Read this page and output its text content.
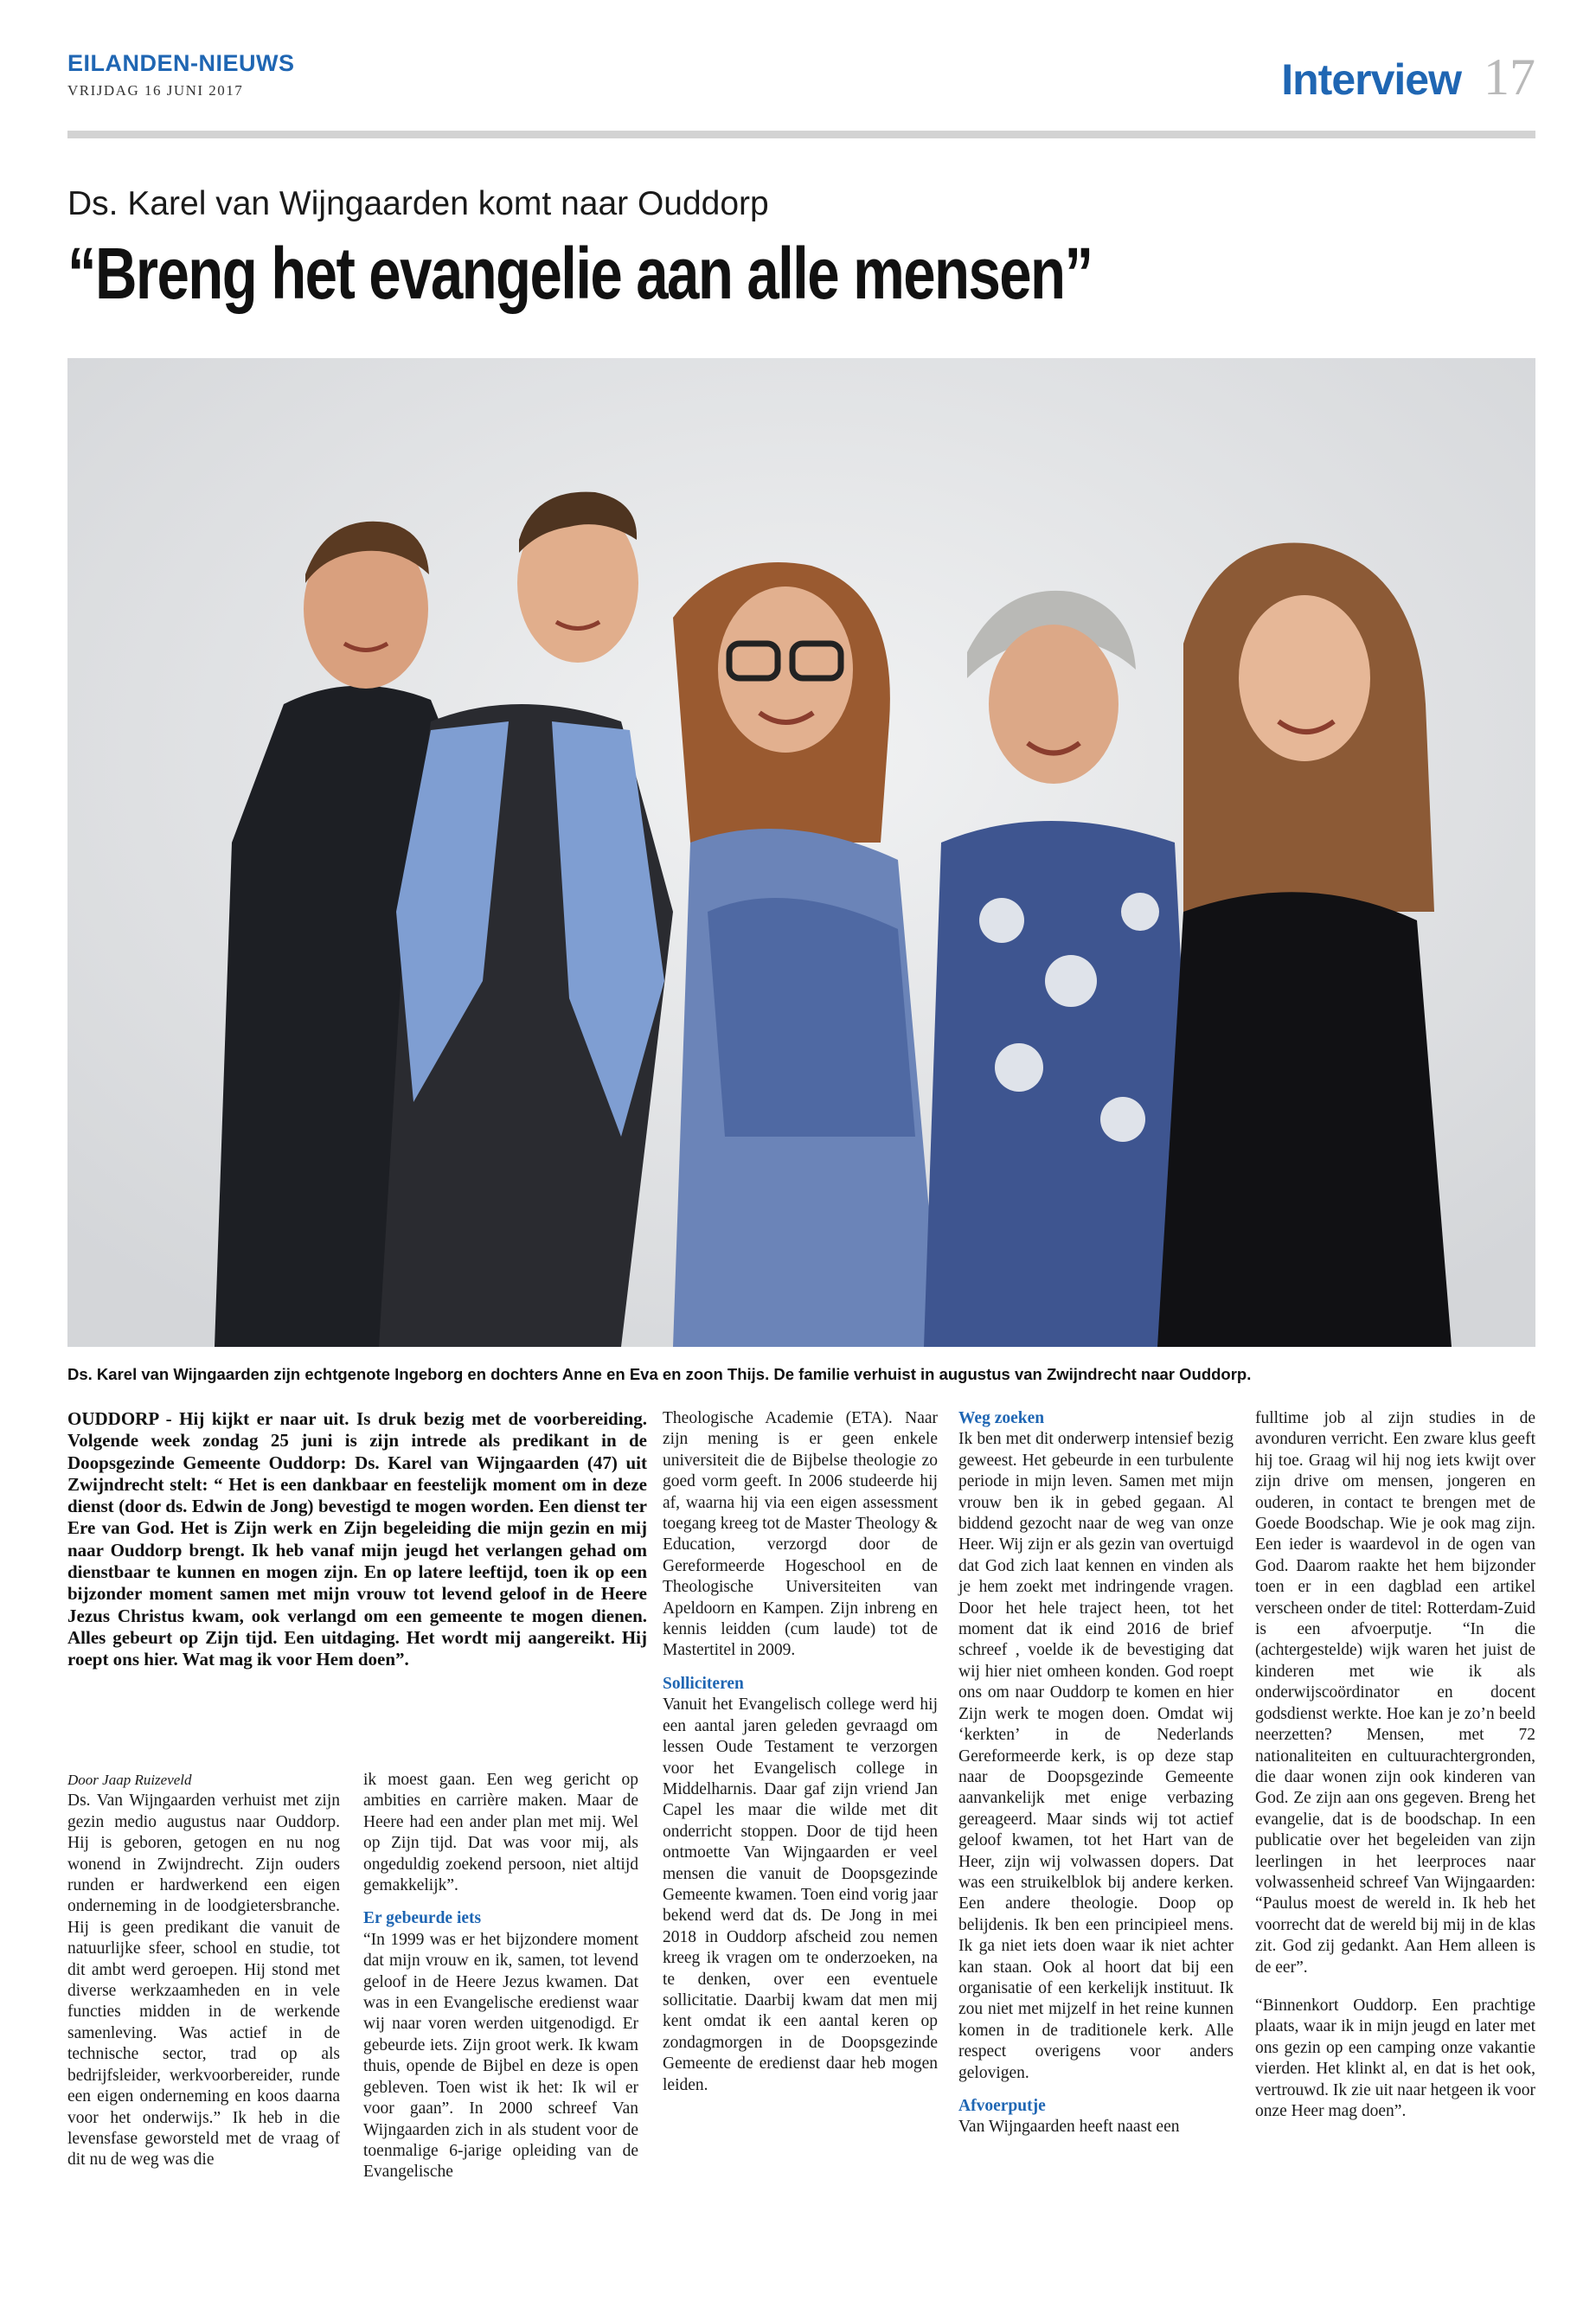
EILANDEN-NIEUWS
VRIJDAG 16 JUNI 2017	Interview 17
Ds. Karel van Wijngaarden komt naar Ouddorp
“Breng het evangelie aan alle mensen”
Ds. Karel van Wijngaarden zijn echtgenote Ingeborg en dochters Anne en Eva en zoon Thijs. De familie verhuist in augustus van Zwijndrecht naar Ouddorp.
OUDDORP - Hij kijkt er naar uit. Is druk bezig met de voorbereiding. Volgende week zondag 25 juni is zijn intrede als predikant in de Doopsgezinde Gemeente Ouddorp: Ds. Karel van Wijngaarden (47) uit Zwijndrecht stelt: “ Het is een dankbaar en feestelijk moment om in deze dienst (door ds. Edwin de Jong) bevestigd te mogen worden. Een dienst ter Ere van God. Het is Zijn werk en Zijn begeleiding die mijn gezin en mij naar Ouddorp brengt. Ik heb vanaf mijn jeugd het verlangen gehad om dienstbaar te kunnen en mogen zijn. En op latere leeftijd, toen ik op een bijzonder moment samen met mijn vrouw tot levend geloof in de Heere Jezus Christus kwam, ook verlangd om een gemeente te mogen dienen. Alles gebeurt op Zijn tijd. Een uitdaging. Het wordt mij aangereikt. Hij roept ons hier. Wat mag ik voor Hem doen”.

Door Jaap Ruizeveld

Ds. Van Wijngaarden verhuist met zijn gezin medio augustus naar Ouddorp. Hij is geboren, getogen en nu nog wonend in Zwijndrecht. Zijn ouders runden er hardwerkend een eigen onderneming in de loodgietersbranche. Hij is geen predikant die vanuit de natuurlijke sfeer, school en studie, tot dit ambt werd geroepen. Hij stond met diverse werkzaamheden en in vele functies midden in de werkende samenleving. Was actief in de technische sector, trad op als bedrijfsleider, werkvoorbereider, runde een eigen onderneming en koos daarna voor het onderwijs.” Ik heb in die levensfase geworsteld met de vraag of dit nu de weg was die

ik moest gaan. Een weg gericht op ambities en carrière maken. Maar de Heere had een ander plan met mij. Wel op Zijn tijd. Dat was voor mij, als ongeduldig zoekend persoon, niet altijd gemakkelijk”.

Er gebeurde iets

“In 1999 was er het bijzondere moment dat mijn vrouw en ik, samen, tot levend geloof in de Heere Jezus kwamen. Dat was in een Evangelische eredienst waar wij naar voren werden uitgenodigd. Er gebeurde iets. Zijn groot werk. Ik kwam thuis, opende de Bijbel en deze is open gebleven. Toen wist ik het: Ik wil er voor gaan”. In 2000 schreef Van Wijngaarden zich in als student voor de toenmalige 6-jarige opleiding van de Evangelische

Theologische Academie (ETA). Naar zijn mening is er geen enkele universiteit die de Bijbelse theologie zo goed vorm geeft. In 2006 studeerde hij af, waarna hij via een eigen assessment toegang kreeg tot de Master Theology & Education, verzorgd door de Gereformeerde Hogeschool en de Theologische Universiteiten van Apeldoorn en Kampen. Zijn inbreng en kennis leidden (cum laude) tot de Mastertitel in 2009.

Solliciteren

Vanuit het Evangelisch college werd hij een aantal jaren geleden gevraagd om lessen Oude Testament te verzorgen voor het Evangelisch college in Middelharnis. Daar gaf zijn vriend Jan Capel les maar die wilde met dit onderricht stoppen. Door de tijd heen ontmoette Van Wijngaarden er veel mensen die vanuit de Doopsgezinde Gemeente kwamen. Toen eind vorig jaar bekend werd dat ds. De Jong in mei 2018 in Ouddorp afscheid zou nemen kreeg ik vragen om te onderzoeken, na te denken, over een eventuele sollicitatie. Daarbij kwam dat men mij kent omdat ik een aantal keren op zondagmorgen in de Doopsgezinde Gemeente de eredienst daar heb mogen leiden.

Weg zoeken

Ik ben met dit onderwerp intensief bezig geweest. Het gebeurde in een turbulente periode in mijn leven. Samen met mijn vrouw ben ik in gebed gegaan. Al biddend gezocht naar de weg van onze Heer. Wij zijn er als gezin van overtuigd dat God zich laat kennen en vinden als je hem zoekt met indringende vragen. Door het hele traject heen, tot het moment dat ik eind 2016 de brief schreef , voelde ik de bevestiging dat wij hier niet omheen konden. God roept ons om naar Ouddorp te komen en hier Zijn werk te mogen doen. Omdat wij ‘kerkten’ in de Nederlands Gereformeerde kerk, is op deze stap naar de Doopsgezinde Gemeente aanvankelijk met enige verbazing gereageerd. Maar sinds wij tot actief geloof kwamen, tot het Hart van de Heer, zijn wij volwassen dopers. Dat was een struikelblok bij andere kerken. Een andere theologie. Doop op belijdenis. Ik ben een principieel mens. Ik ga niet iets doen waar ik niet achter kan staan. Ook al hoort dat bij een organisatie of een kerkelijk instituut. Ik zou niet met mijzelf in het reine kunnen komen in de traditionele kerk. Alle respect overigens voor anders gelovigen.

Afvoerputje

Van Wijngaarden heeft naast een

fulltime job al zijn studies in de avonduren verricht. Een zware klus geeft hij toe. Graag wil hij nog iets kwijt over zijn drive om mensen, jongeren en ouderen, in contact te brengen met de Goede Boodschap. Wie je ook mag zijn. Een ieder is waardevol in de ogen van God. Daarom raakte het hem bijzonder toen er in een dagblad een artikel verscheen onder de titel: Rotterdam-Zuid is een afvoerputje. “In die (achtergestelde) wijk waren het juist de kinderen met wie ik als onderwijscoördinator en docent godsdienst werkte. Hoe kan je zo’n beeld neerzetten? Mensen, met 72 nationaliteiten en cultuurachtergronden, die daar wonen zijn ook kinderen van God. Ze zijn aan ons gegeven. Breng het evangelie, dat is de boodschap. In een publicatie over het begeleiden van zijn leerlingen in het leerproces naar volwassenheid schreef Van Wijngaarden: “Paulus moest de wereld in. Ik heb het voorrecht dat de wereld bij mij in de klas zit. God zij gedankt. Aan Hem alleen is de eer”.

“Binnenkort Ouddorp. Een prachtige plaats, waar ik in mijn jeugd en later met ons gezin op een camping onze vakantie vierden. Het klinkt al, en dat is het ook, vertrouwd. Ik zie uit naar hetgeen ik voor onze Heer mag doen”.
